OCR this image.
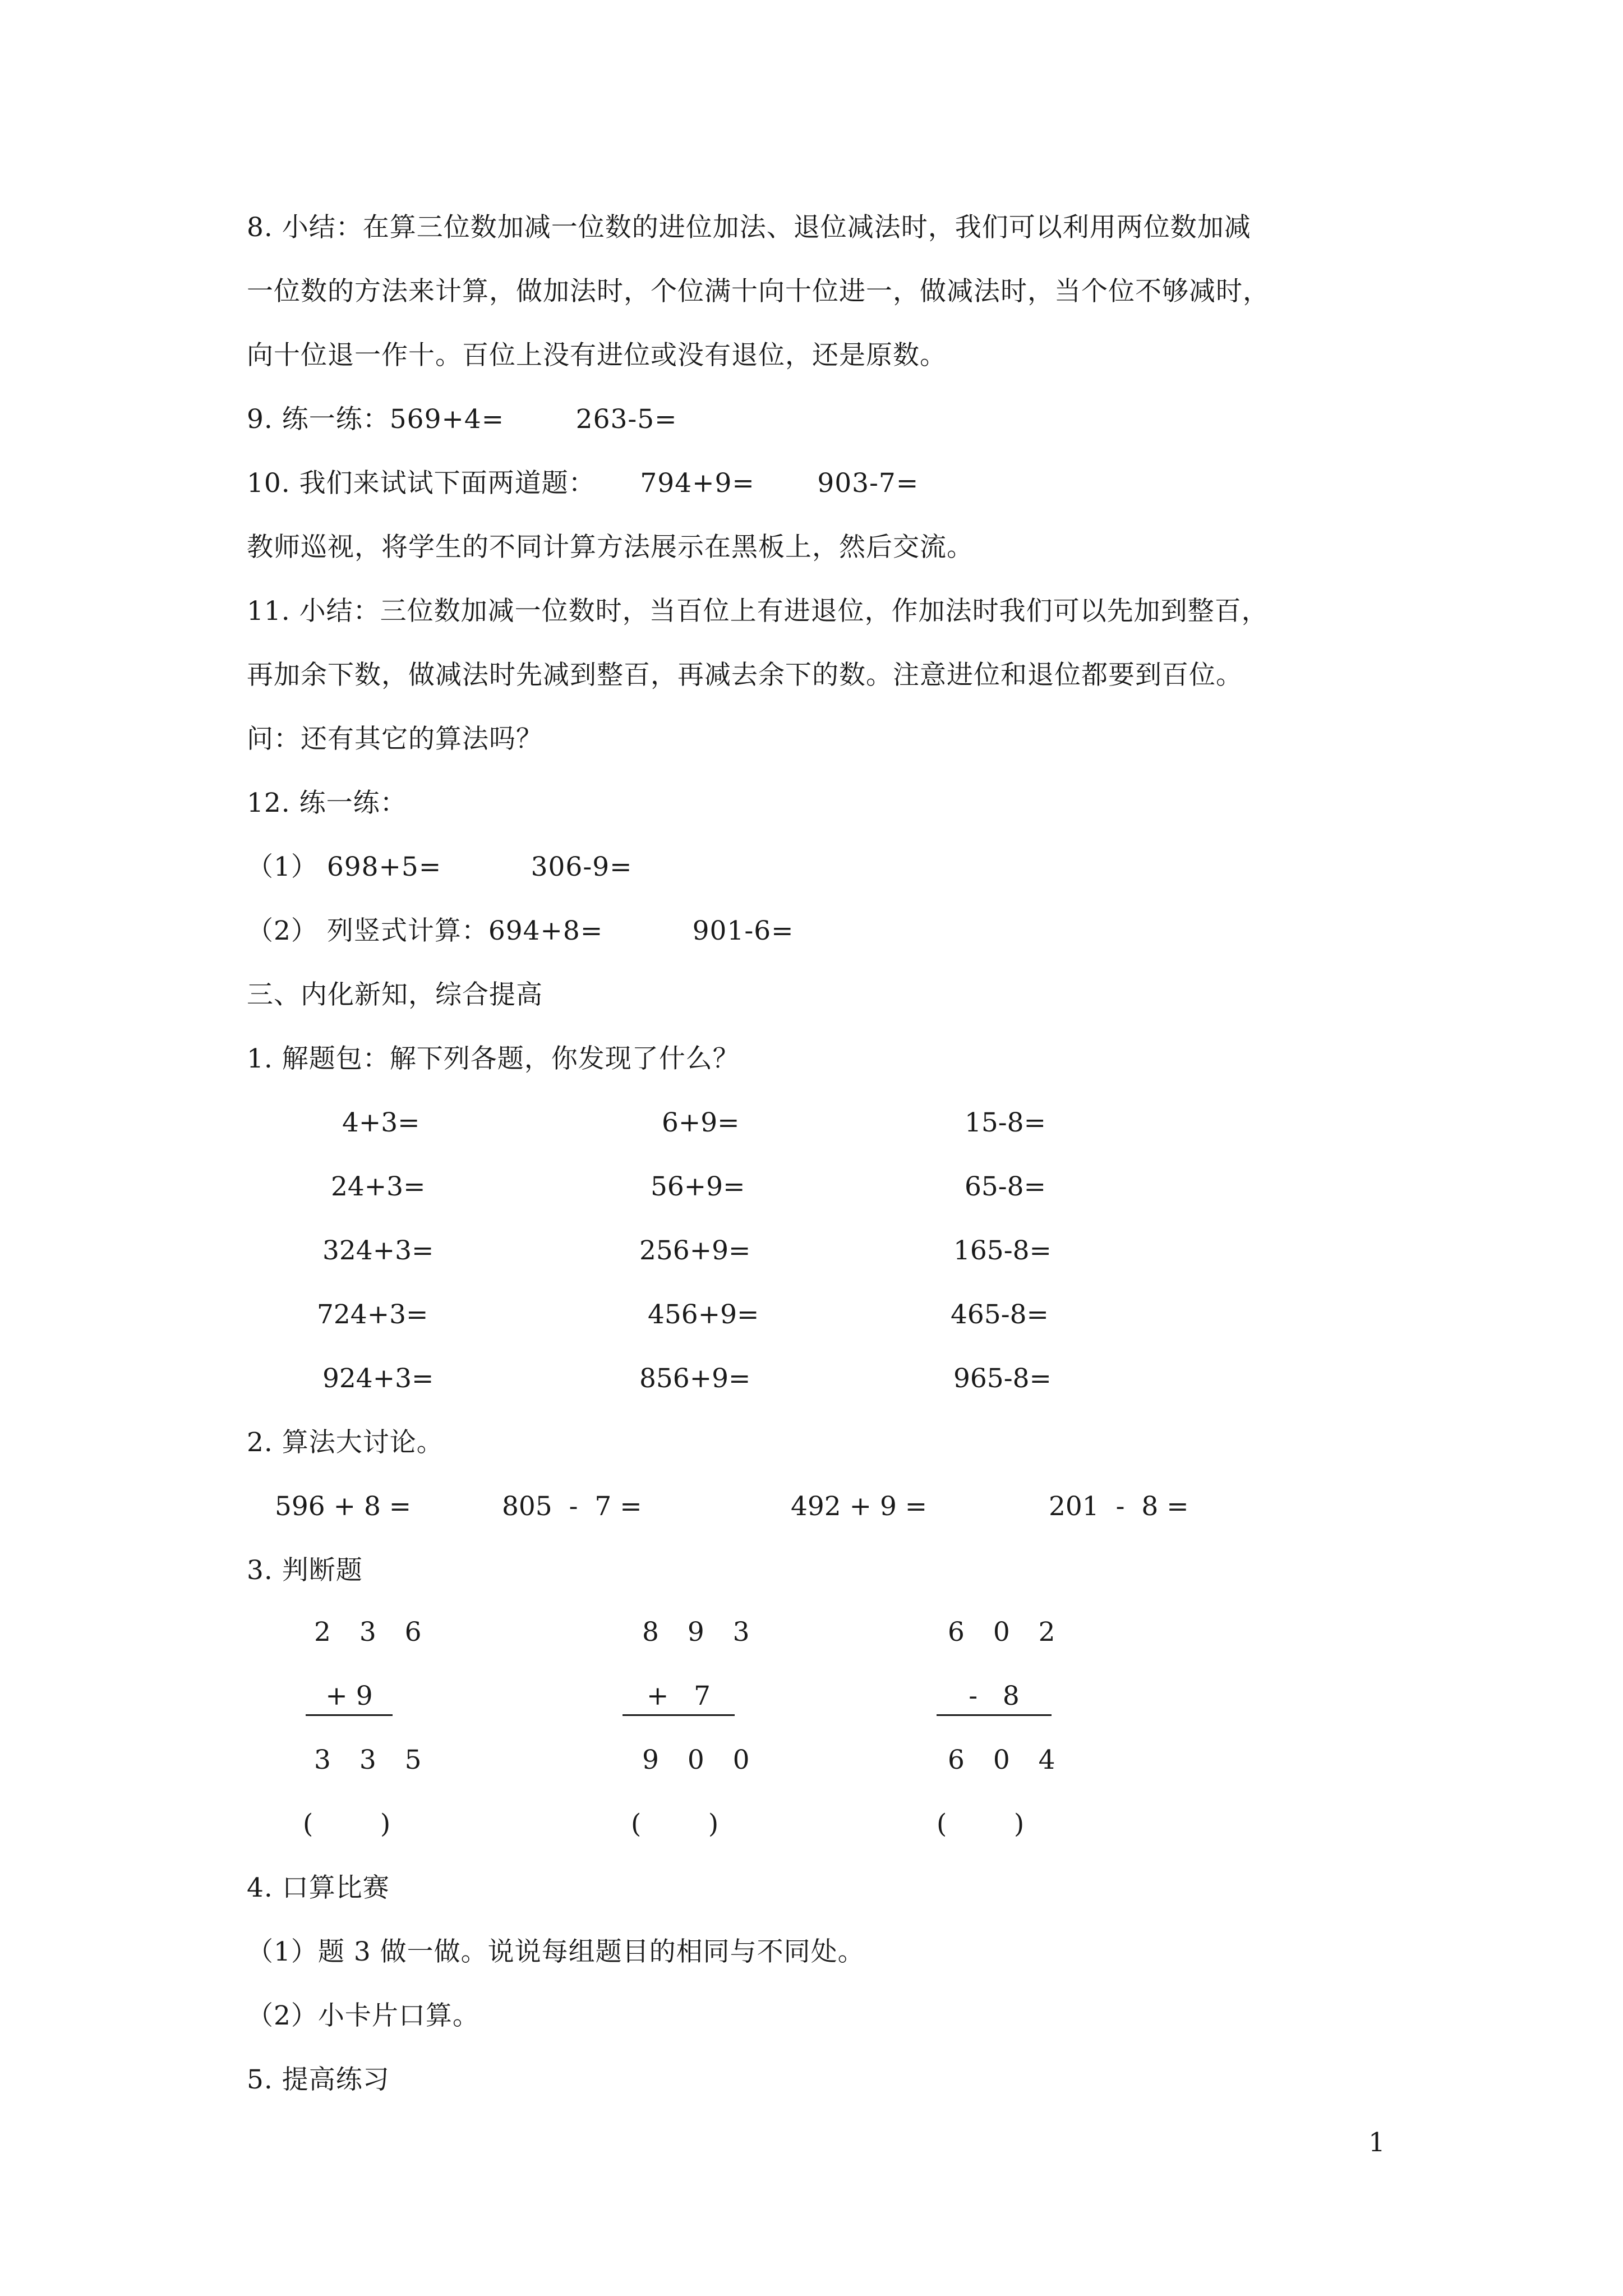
8. 小结：在算三位数加减一位数的进位加法、退位减法时，我们可以利用两位数加减
一位数的方法来计算，做加法时，个位满十向十位进一，做减法时，当个位不够减时，
向十位退一作十。百位上没有进位或没有退位，还是原数。
9. 练一练：569+4=        263-5=
10. 我们来试试下面两道题：     794+9=       903-7=
教师巡视，将学生的不同计算方法展示在黑板上，然后交流。
11. 小结：三位数加减一位数时，当百位上有进退位，作加法时我们可以先加到整百，
再加余下数，做减法时先减到整百，再减去余下的数。注意进位和退位都要到百位。
问：还有其它的算法吗？
12. 练一练：
（1） 698+5=          306-9=
（2） 列竖式计算：694+8=          901-6=
三、内化新知，综合提高
1. 解题包：解下列各题，你发现了什么？
4+3=	6+9=	15-8=
24+3=	56+9=	65-8=
324+3=	256+9=	165-8=
724+3=	456+9=	465-8=
924+3=	856+9=	965-8=
2. 算法大讨论。
596 + 8 =	805  -  7 =	492 + 9 =	201  -  8 =
3. 判断题
2 3 6
+ 9
3 3 5
(        )
8 9 3
+   7
9 0 0
(        )
6 0 2
-   8
6 0 4
(        )
4. 口算比赛
（1）题 3 做一做。说说每组题目的相同与不同处。
（2）小卡片口算。
5. 提高练习
1
